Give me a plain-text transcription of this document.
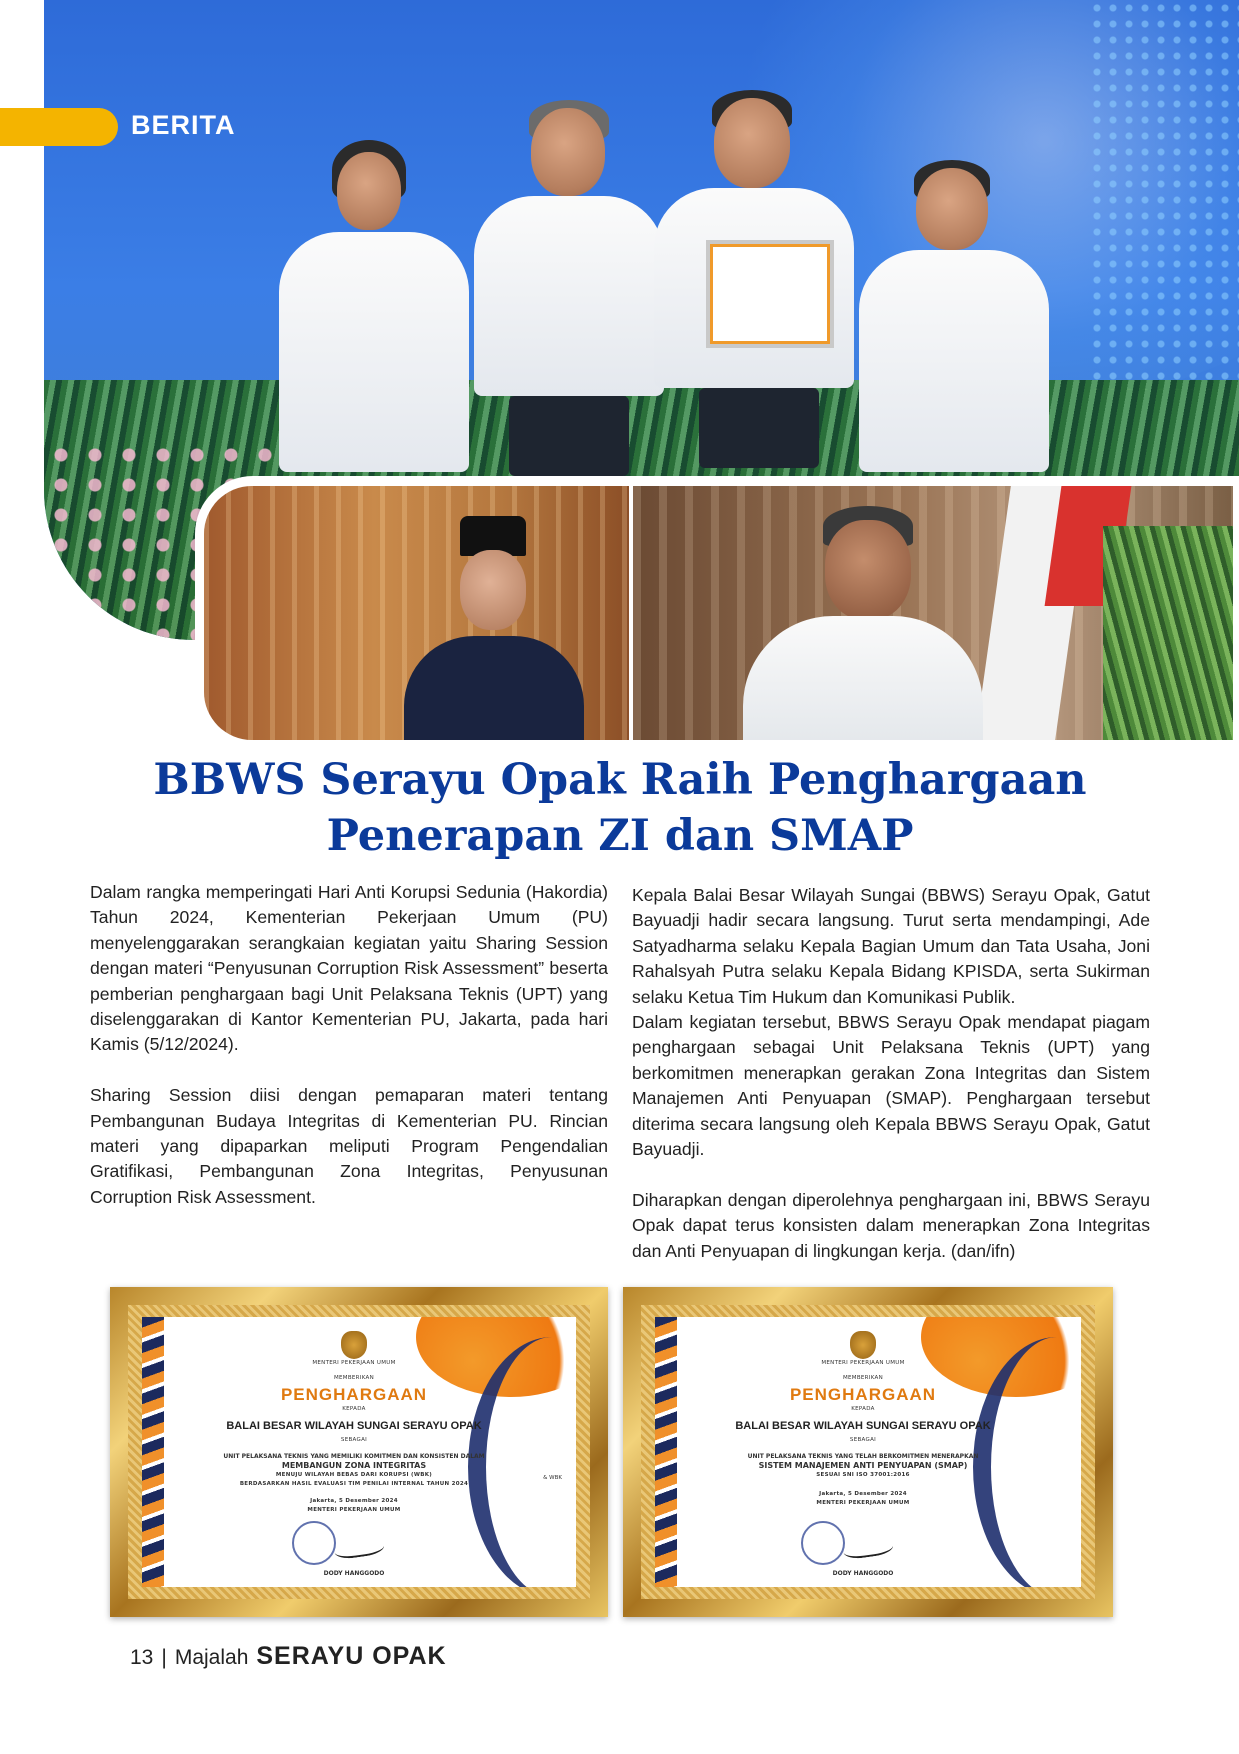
BERITA
BBWS Serayu Opak Raih Penghargaan
Penerapan ZI dan SMAP

Dalam rangka memperingati Hari Anti Korupsi Sedunia (Hakordia) Tahun 2024, Kementerian Pekerjaan Umum (PU) menyelenggarakan serangkaian kegiatan yaitu Sharing Session dengan materi “Penyusunan Corruption Risk Assessment” beserta pemberian penghargaan bagi Unit Pelaksana Teknis (UPT) yang diselenggarakan di Kantor Kementerian PU, Jakarta, pada hari Kamis (5/12/2024).

Sharing Session diisi dengan pemaparan materi tentang Pembangunan Budaya Integritas di Kementerian PU. Rincian materi yang dipaparkan meliputi Program Pengendalian Gratifikasi, Pembangunan Zona Integritas, Penyusunan Corruption Risk Assessment.

Kepala Balai Besar Wilayah Sungai (BBWS) Serayu Opak, Gatut Bayuadji hadir secara langsung. Turut serta mendampingi, Ade Satyadharma selaku Kepala Bagian Umum dan Tata Usaha, Joni Rahalsyah Putra selaku Kepala Bidang KPISDA, serta Sukirman selaku Ketua Tim Hukum dan Komunikasi Publik.

Dalam kegiatan tersebut, BBWS Serayu Opak mendapat piagam penghargaan sebagai Unit Pelaksana Teknis (UPT) yang berkomitmen menerapkan gerakan Zona Integritas dan Sistem Manajemen Anti Penyuapan (SMAP). Penghargaan tersebut diterima secara langsung oleh Kepala BBWS Serayu Opak, Gatut Bayuadji.

Diharapkan dengan diperolehnya penghargaan ini, BBWS Serayu Opak dapat terus konsisten dalam menerapkan Zona Integritas dan Anti Penyuapan di lingkungan kerja. (dan/ifn)

MENTERI PEKERJAAN UMUM
MEMBERIKAN
PENGHARGAAN
KEPADA
BALAI BESAR WILAYAH SUNGAI SERAYU OPAK
SEBAGAI
UNIT PELAKSANA TEKNIS YANG MEMILIKI KOMITMEN DAN KONSISTEN DALAM
MEMBANGUN ZONA INTEGRITAS
MENUJU WILAYAH BEBAS DARI KORUPSI (WBK)
BERDASARKAN HASIL EVALUASI TIM PENILAI INTERNAL TAHUN 2024
Jakarta, 5 Desember 2024
MENTERI PEKERJAAN UMUM
DODY HANGGODO
& WBK
MENTERI PEKERJAAN UMUM
MEMBERIKAN
PENGHARGAAN
KEPADA
BALAI BESAR WILAYAH SUNGAI SERAYU OPAK
SEBAGAI
UNIT PELAKSANA TEKNIS YANG TELAH BERKOMITMEN MENERAPKAN
SISTEM MANAJEMEN ANTI PENYUAPAN (SMAP)
SESUAI SNI ISO 37001:2016
Jakarta, 5 Desember 2024
MENTERI PEKERJAAN UMUM
DODY HANGGODO
13 | Majalah SERAYU OPAK
